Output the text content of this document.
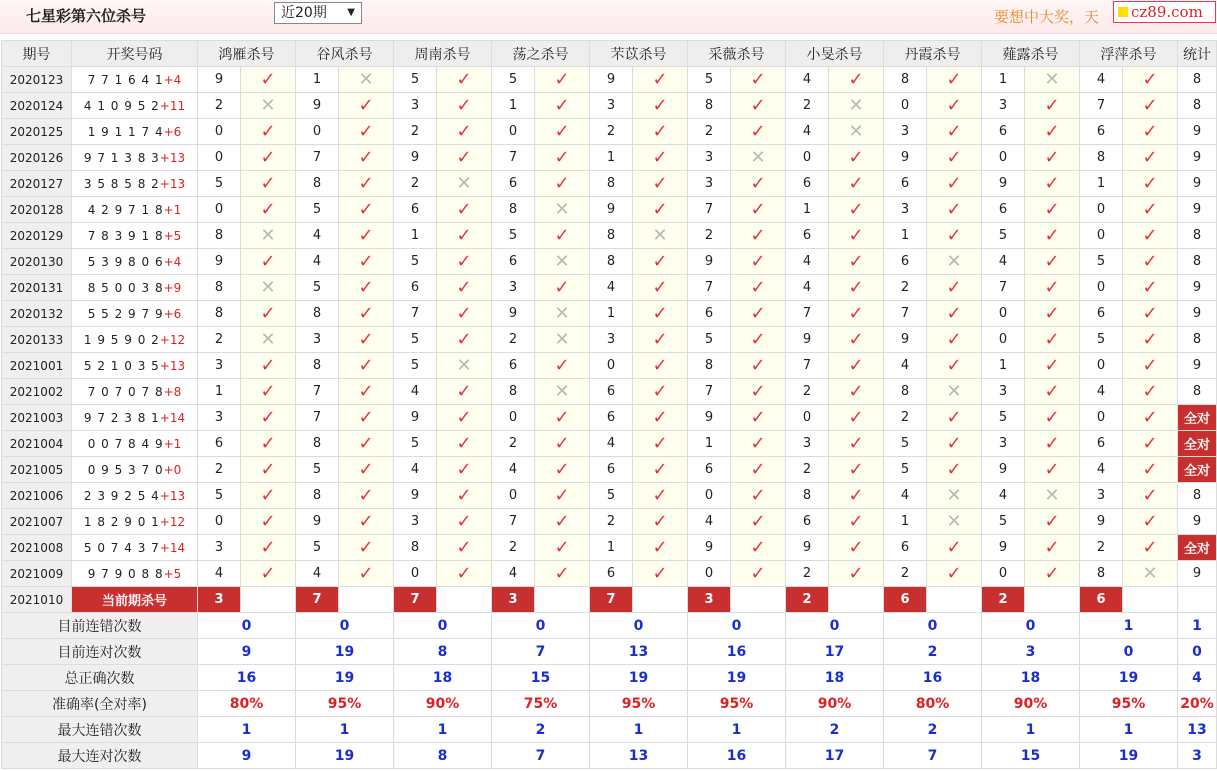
七星彩第六位杀号	近20期 ▼	要想中大奖，天	cz89.com
期号	开奖号码	鸿雁杀号		谷风杀号		周南杀号		荡之杀号		芣苡杀号		采薇杀号		小旻杀号		丹霞杀号		薤露杀号		浮萍杀号		统计
2020123	7 7 1 6 4 1+4	9	✓	1	✕	5	✓	5	✓	9	✓	5	✓	4	✓	8	✓	1	✕	4	✓	8
2020124	4 1 0 9 5 2+11	2	✕	9	✓	3	✓	1	✓	3	✓	8	✓	2	✕	0	✓	3	✓	7	✓	8
2020125	1 9 1 1 7 4+6	0	✓	0	✓	2	✓	0	✓	2	✓	2	✓	4	✕	3	✓	6	✓	6	✓	9
2020126	9 7 1 3 8 3+13	0	✓	7	✓	9	✓	7	✓	1	✓	3	✕	0	✓	9	✓	0	✓	8	✓	9
2020127	3 5 8 5 8 2+13	5	✓	8	✓	2	✕	6	✓	8	✓	3	✓	6	✓	6	✓	9	✓	1	✓	9
2020128	4 2 9 7 1 8+1	0	✓	5	✓	6	✓	8	✕	9	✓	7	✓	1	✓	3	✓	6	✓	0	✓	9
2020129	7 8 3 9 1 8+5	8	✕	4	✓	1	✓	5	✓	8	✕	2	✓	6	✓	1	✓	5	✓	0	✓	8
2020130	5 3 9 8 0 6+4	9	✓	4	✓	5	✓	6	✕	8	✓	9	✓	4	✓	6	✕	4	✓	5	✓	8
2020131	8 5 0 0 3 8+9	8	✕	5	✓	6	✓	3	✓	4	✓	7	✓	4	✓	2	✓	7	✓	0	✓	9
2020132	5 5 2 9 7 9+6	8	✓	8	✓	7	✓	9	✕	1	✓	6	✓	7	✓	7	✓	0	✓	6	✓	9
2020133	1 9 5 9 0 2+12	2	✕	3	✓	5	✓	2	✕	3	✓	5	✓	9	✓	9	✓	0	✓	5	✓	8
2021001	5 2 1 0 3 5+13	3	✓	8	✓	5	✕	6	✓	0	✓	8	✓	7	✓	4	✓	1	✓	0	✓	9
2021002	7 0 7 0 7 8+8	1	✓	7	✓	4	✓	8	✕	6	✓	7	✓	2	✓	8	✕	3	✓	4	✓	8
2021003	9 7 2 3 8 1+14	3	✓	7	✓	9	✓	0	✓	6	✓	9	✓	0	✓	2	✓	5	✓	0	✓	全对
2021004	0 0 7 8 4 9+1	6	✓	8	✓	5	✓	2	✓	4	✓	1	✓	3	✓	5	✓	3	✓	6	✓	全对
2021005	0 9 5 3 7 0+0	2	✓	5	✓	4	✓	4	✓	6	✓	6	✓	2	✓	5	✓	9	✓	4	✓	全对
2021006	2 3 9 2 5 4+13	5	✓	8	✓	9	✓	0	✓	5	✓	0	✓	8	✓	4	✕	4	✕	3	✓	8
2021007	1 8 2 9 0 1+12	0	✓	9	✓	3	✓	7	✓	2	✓	4	✓	6	✓	1	✕	5	✓	9	✓	9
2021008	5 0 7 4 3 7+14	3	✓	5	✓	8	✓	2	✓	1	✓	9	✓	9	✓	6	✓	9	✓	2	✓	全对
2021009	9 7 9 0 8 8+5	4	✓	4	✓	0	✓	4	✓	6	✓	0	✓	2	✓	2	✓	0	✓	8	✕	9
2021010	当前期杀号	3		7		7		3		7		3		2		6		2		6		
目前连错次数		0		0		0		0		0		0		0		0		0		1		1
目前连对次数		9		19		8		7		13		16		17		2		3		0		0
总正确次数		16		19		18		15		19		19		18		16		18		19		4
准确率(全对率)		80%		95%		90%		75%		95%		95%		90%		80%		90%		95%		20%
最大连错次数		1		1		1		2		1		1		2		2		1		1		13
最大连对次数		9		19		8		7		13		16		17		7		15		19		3
